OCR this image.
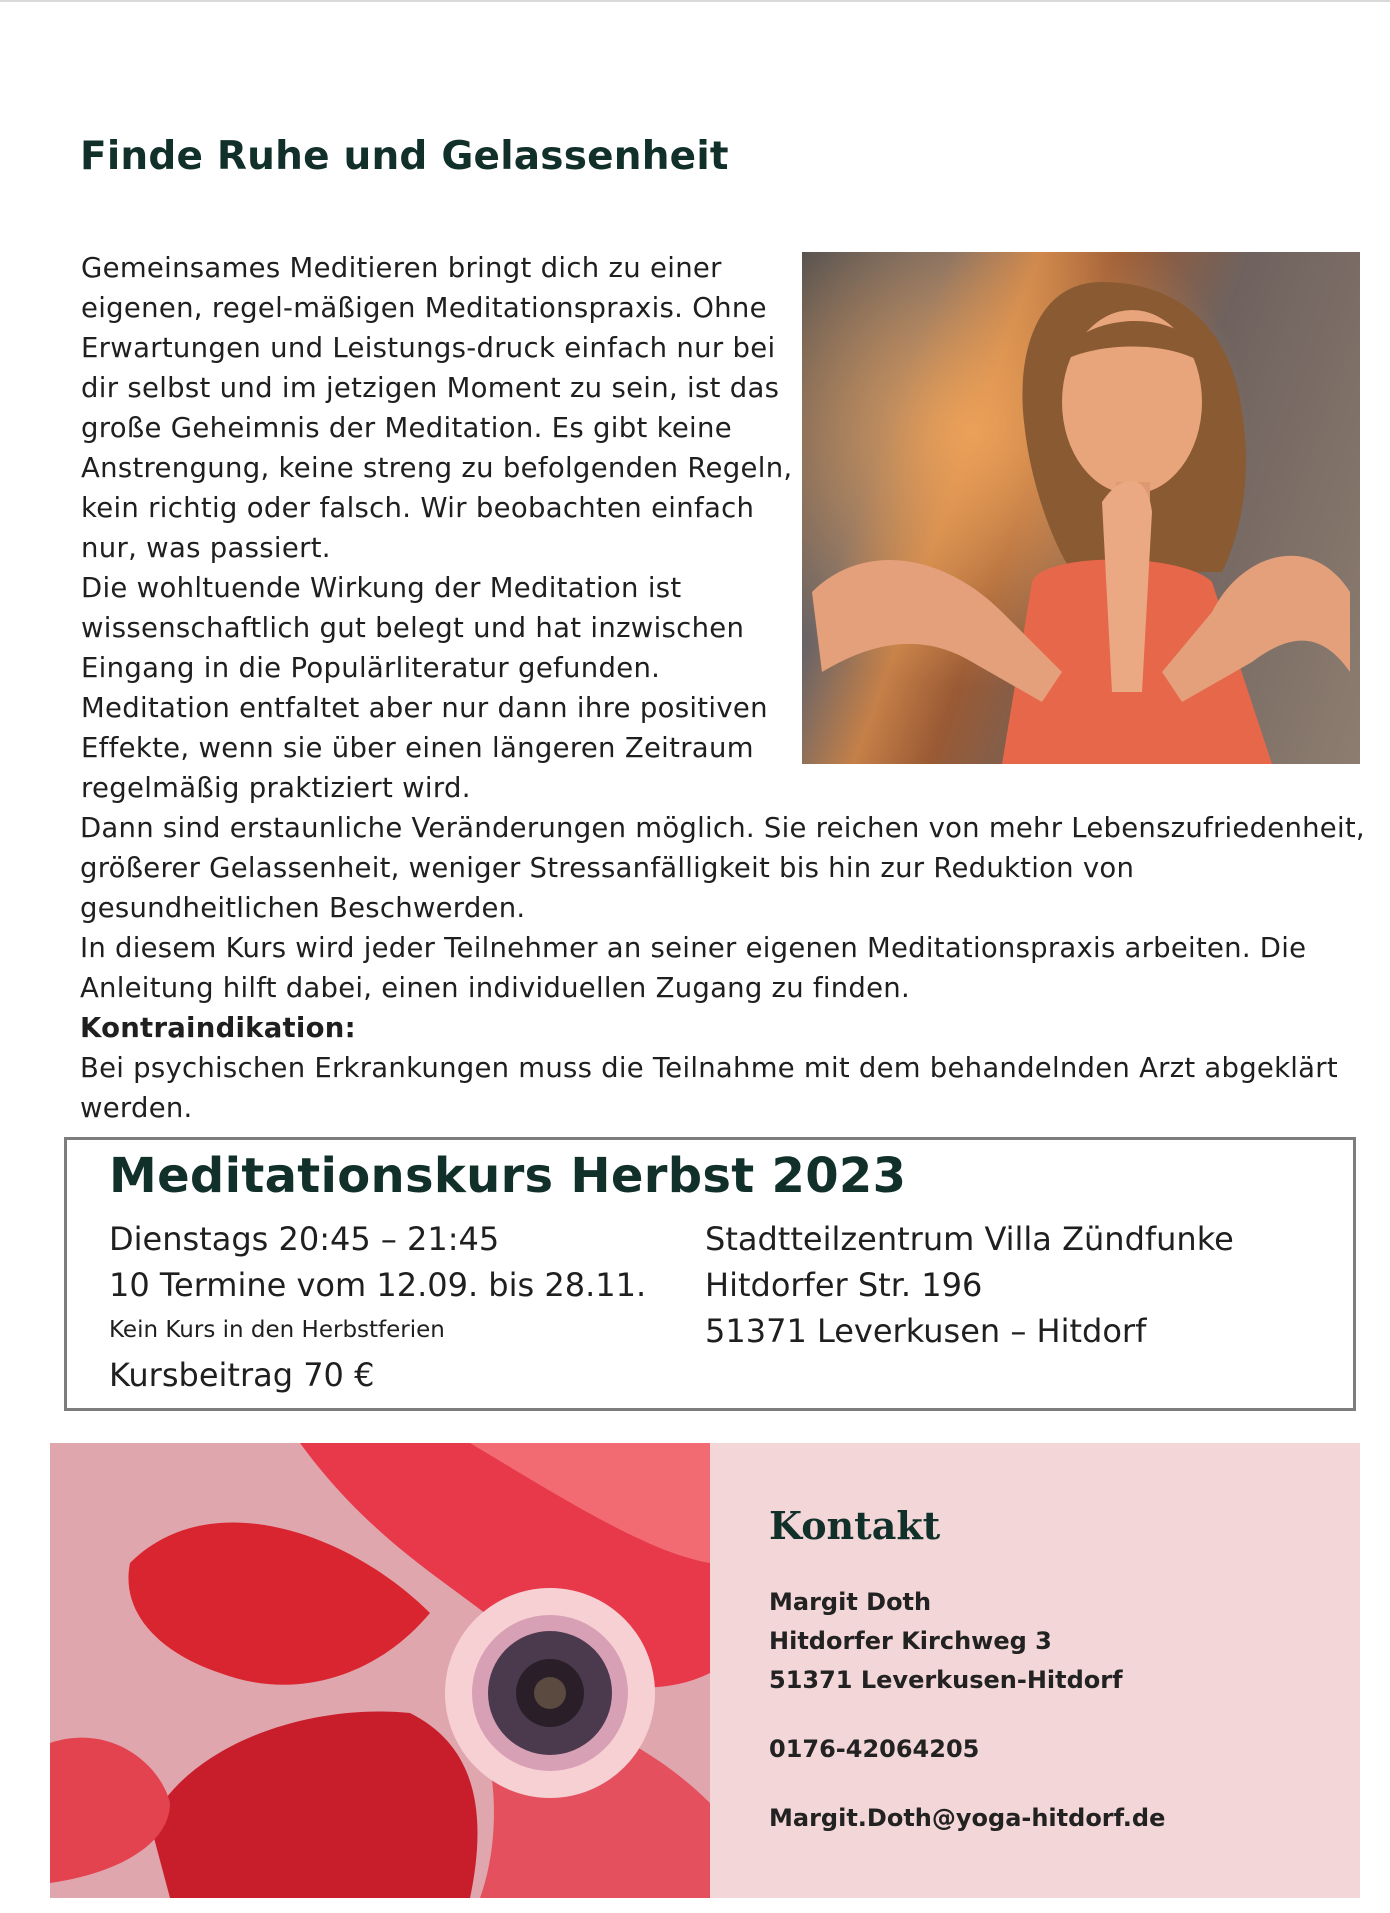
Finde Ruhe und Gelassenheit

Gemeinsames Meditieren bringt dich zu einer eigenen, regel-mäßigen Meditationspraxis. Ohne Erwartungen und Leistungs-druck einfach nur bei dir selbst und im jetzigen Moment zu sein, ist das große Geheimnis der Meditation. Es gibt keine Anstrengung, keine streng zu befolgenden Regeln, kein richtig oder falsch. Wir beobachten einfach nur, was passiert.

Die wohltuende Wirkung der Meditation ist wissenschaftlich gut belegt und hat inzwischen Eingang in die Populärliteratur gefunden. Meditation entfaltet aber nur dann ihre positiven Effekte, wenn sie über einen längeren Zeitraum regelmäßig praktiziert wird.

Dann sind erstaunliche Veränderungen möglich. Sie reichen von mehr Lebenszufriedenheit, größerer Gelassenheit, weniger Stressanfälligkeit bis hin zur Reduktion von gesundheitlichen Beschwerden.

In diesem Kurs wird jeder Teilnehmer an seiner eigenen Meditationspraxis arbeiten. Die Anleitung hilft dabei, einen individuellen Zugang zu finden.

Kontraindikation:

Bei psychischen Erkrankungen muss die Teilnahme mit dem behandelnden Arzt abgeklärt werden.

Meditationskurs Herbst 2023

Dienstags 20:45 – 21:45

10 Termine vom 12.09. bis 28.11.

Kein Kurs in den Herbstferien

Kursbeitrag 70 €

Stadtteilzentrum Villa Zündfunke

Hitdorfer Str. 196

51371 Leverkusen – Hitdorf

Kontakt

Margit Doth

Hitdorfer Kirchweg 3

51371 Leverkusen-Hitdorf

0176-42064205

Margit.Doth@yoga-hitdorf.de
